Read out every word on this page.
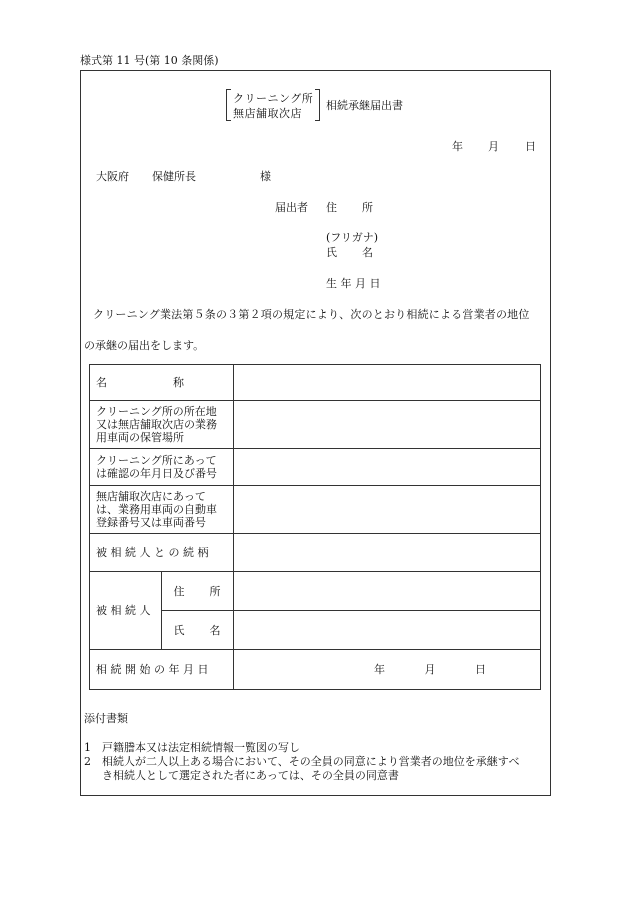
様式第 11 号(第 10 条関係)
クリーニング所
無店舗取次店
相続承継届出書
年 月 日
大阪府 保健所長	様
届出者 住　　所
(フリガナ)
氏　　名
生 年 月 日
クリーニング業法第５条の３第２項の規定により、次のとおり相続による営業者の地位
の承継の届出をします。
名　　　　　　称		
クリーニング所の所在地又は無店舗取次店の業務用車両の保管場所		
クリーニング所にあっては確認の年月日及び番号		
無店舗取次店にあっては、業務用車両の自動車登録番号又は車両番号		
被 相 続 人 と の 続 柄		
被 相 続 人	住　　所	
	氏　　名	
相 続 開 始 の 年 月 日		年 月 日
添付書類
1 戸籍謄本又は法定相続情報一覧図の写し
2 相続人が二人以上ある場合において、その全員の同意により営業者の地位を承継すべ
き相続人として選定された者にあっては、その全員の同意書
